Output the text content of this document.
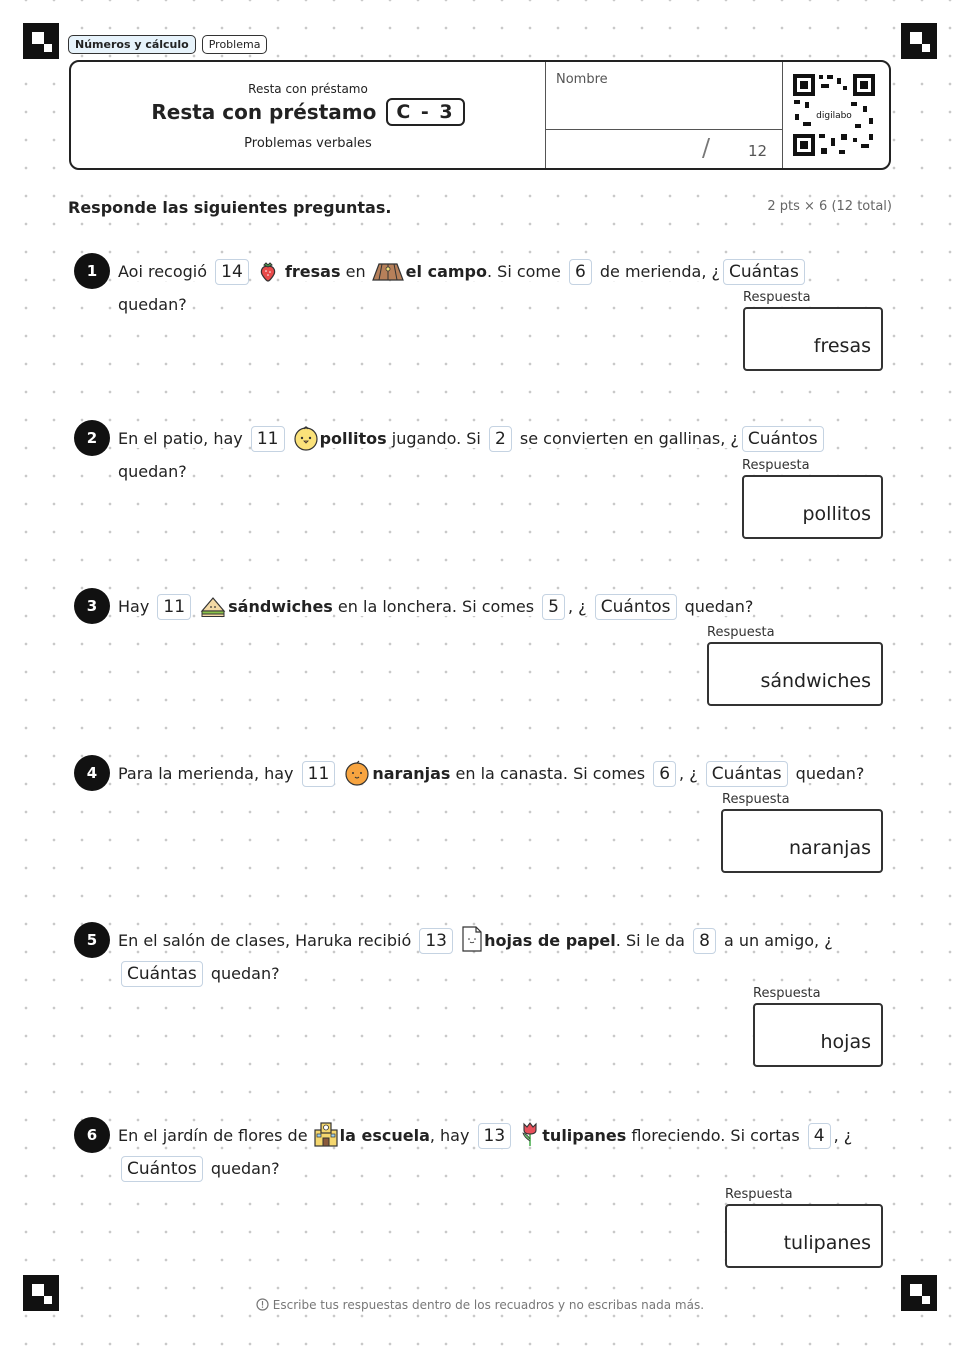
Números y cálculo	Problema
Resta con préstamo
Resta con préstamo	C - 3
Problemas verbales
Nombre
/	12
digilabo
Responde las siguientes preguntas.	2 pts × 6 (12 total)
1	Aoi recogió 14	fresas en	el campo. Si come 6 de merienda, ¿ Cuántas quedan?	Respuesta
fresas
2	En el patio, hay 11	pollitos jugando. Si 2 se convierten en gallinas, ¿ Cuántos quedan?	Respuesta
pollitos
3	Hay 11	sándwiches en la lonchera. Si comes 5 , ¿ Cuántos quedan?
Respuesta
sándwiches
4	Para la merienda, hay 11	naranjas en la canasta. Si comes 6 , ¿ Cuántas quedan?
Respuesta
naranjas
5	En el salón de clases, Haruka recibió 13 hojas de papel. Si le da 8 a un amigo, ¿Cuántas quedan?
Respuesta
hojas
6	En el jardín de flores de la escuela, hay 13 tulipanes floreciendo. Si cortas 4 , ¿ Cuántos quedan?
Respuesta
tulipanes
Escribe tus respuestas dentro de los recuadros y no escribas nada más.
